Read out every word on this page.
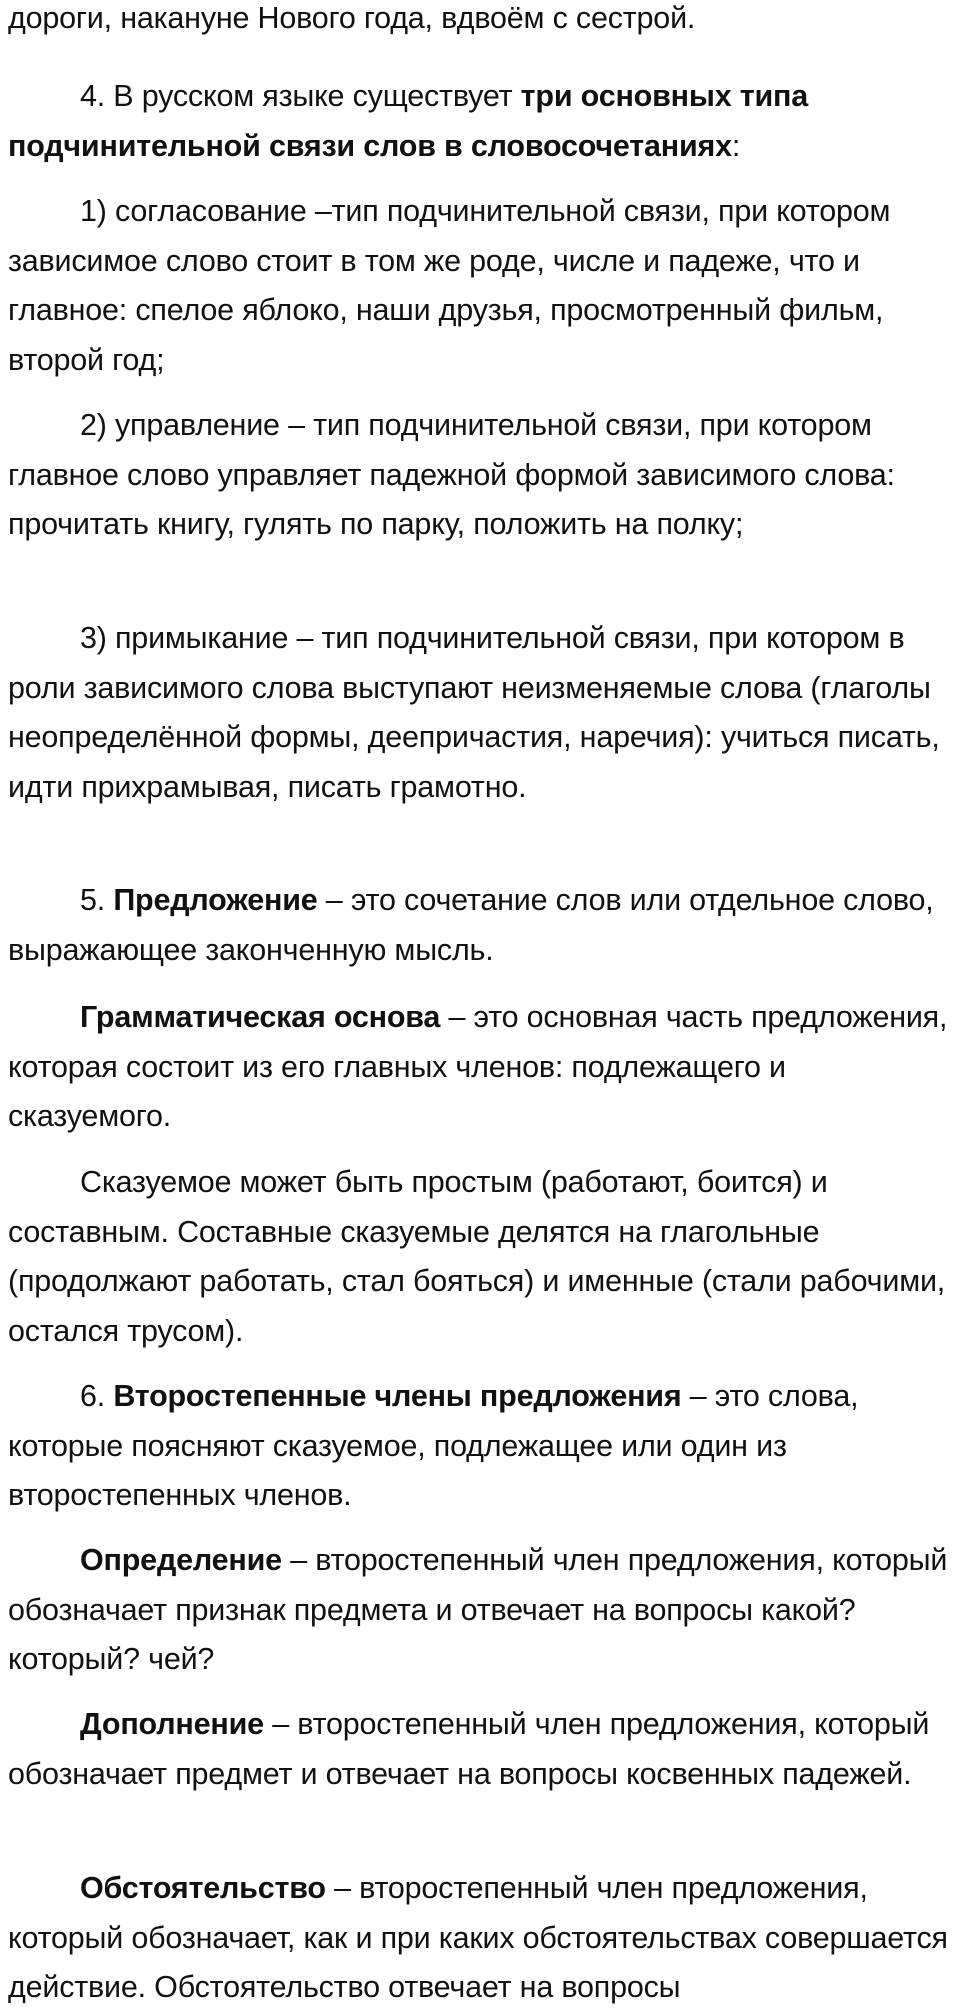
дороги, накануне Нового года, вдвоём с сестрой.

4. В русском языке существует три основных типа подчинительной связи слов в словосочетаниях:

1) согласование –тип подчинительной связи, при котором зависимое слово стоит в том же роде, числе и падеже, что и главное: спелое яблоко, наши друзья, просмотренный фильм, второй год;

2) управление – тип подчинительной связи, при котором главное слово управляет падежной формой зависимого слова: прочитать книгу, гулять по парку, положить на полку;

3) примыкание – тип подчинительной связи, при котором в роли зависимого слова выступают неизменяемые слова (глаголы неопределённой формы, деепричастия, наречия): учиться писать, идти прихрамывая, писать грамотно.

5. Предложение – это сочетание слов или отдельное слово, выражающее законченную мысль.

Грамматическая основа – это основная часть предложения, которая состоит из его главных членов: подлежащего и сказуемого.

Сказуемое может быть простым (работают, боится) и составным. Составные сказуемые делятся на глагольные (продолжают работать, стал бояться) и именные (стали рабочими, остался трусом).

6. Второстепенные члены предложения – это слова, которые поясняют сказуемое, подлежащее или один из второстепенных членов.

Определение – второстепенный член предложения, который обозначает признак предмета и отвечает на вопросы какой? который? чей?

Дополнение – второстепенный член предложения, который обозначает предмет и отвечает на вопросы косвенных падежей.

Обстоятельство – второстепенный член предложения, который обозначает, как и при каких обстоятельствах совершается действие. Обстоятельство отвечает на вопросы
